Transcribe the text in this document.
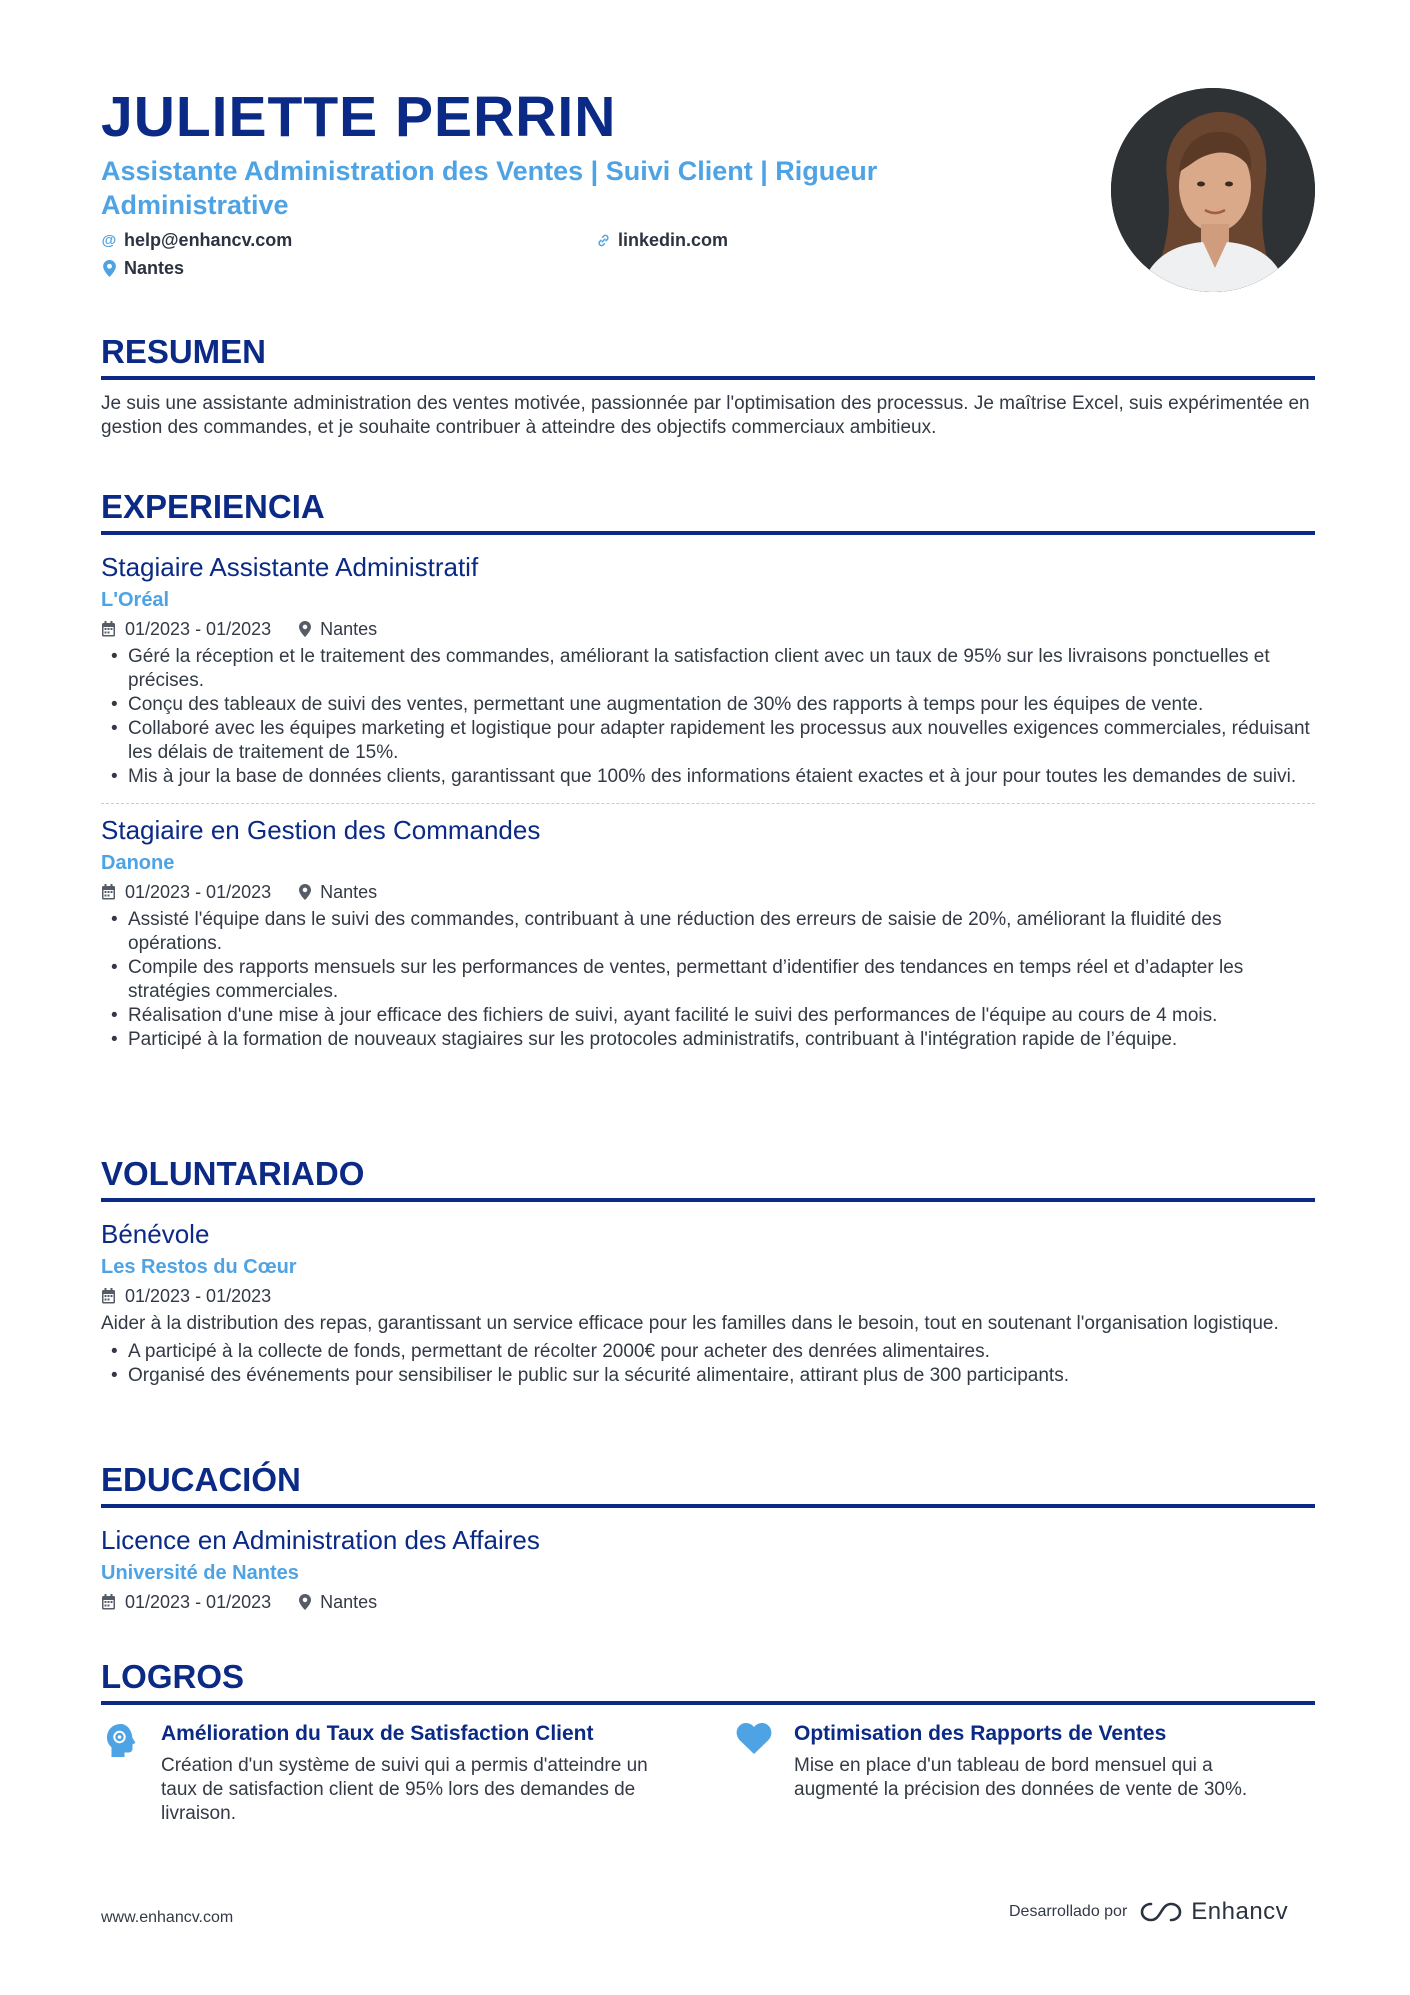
JULIETTE PERRIN
Assistante Administration des Ventes | Suivi Client | Rigueur Administrative
@ help@enhancv.com	linkedin.com
Nantes
RESUMEN
Je suis une assistante administration des ventes motivée, passionnée par l'optimisation des processus. Je maîtrise Excel, suis expérimentée en gestion des commandes, et je souhaite contribuer à atteindre des objectifs commerciaux ambitieux.
EXPERIENCIA
Stagiaire Assistante Administratif
L'Oréal
01/2023 - 01/2023	Nantes
• Géré la réception et le traitement des commandes, améliorant la satisfaction client avec un taux de 95% sur les livraisons ponctuelles et précises.
• Conçu des tableaux de suivi des ventes, permettant une augmentation de 30% des rapports à temps pour les équipes de vente.
• Collaboré avec les équipes marketing et logistique pour adapter rapidement les processus aux nouvelles exigences commerciales, réduisant les délais de traitement de 15%.
• Mis à jour la base de données clients, garantissant que 100% des informations étaient exactes et à jour pour toutes les demandes de suivi.
Stagiaire en Gestion des Commandes
Danone
01/2023 - 01/2023	Nantes
• Assisté l'équipe dans le suivi des commandes, contribuant à une réduction des erreurs de saisie de 20%, améliorant la fluidité des opérations.
• Compile des rapports mensuels sur les performances de ventes, permettant d’identifier des tendances en temps réel et d’adapter les stratégies commerciales.
• Réalisation d'une mise à jour efficace des fichiers de suivi, ayant facilité le suivi des performances de l'équipe au cours de 4 mois.
• Participé à la formation de nouveaux stagiaires sur les protocoles administratifs, contribuant à l'intégration rapide de l’équipe.
VOLUNTARIADO
Bénévole
Les Restos du Cœur
01/2023 - 01/2023
Aider à la distribution des repas, garantissant un service efficace pour les familles dans le besoin, tout en soutenant l'organisation logistique.
• A participé à la collecte de fonds, permettant de récolter 2000€ pour acheter des denrées alimentaires.
• Organisé des événements pour sensibiliser le public sur la sécurité alimentaire, attirant plus de 300 participants.
EDUCACIÓN
Licence en Administration des Affaires
Université de Nantes
01/2023 - 01/2023	Nantes
LOGROS
Amélioration du Taux de Satisfaction Client
Création d'un système de suivi qui a permis d'atteindre un taux de satisfaction client de 95% lors des demandes de livraison.
Optimisation des Rapports de Ventes
Mise en place d'un tableau de bord mensuel qui a augmenté la précision des données de vente de 30%.
www.enhancv.com	Desarrollado por	Enhancv
